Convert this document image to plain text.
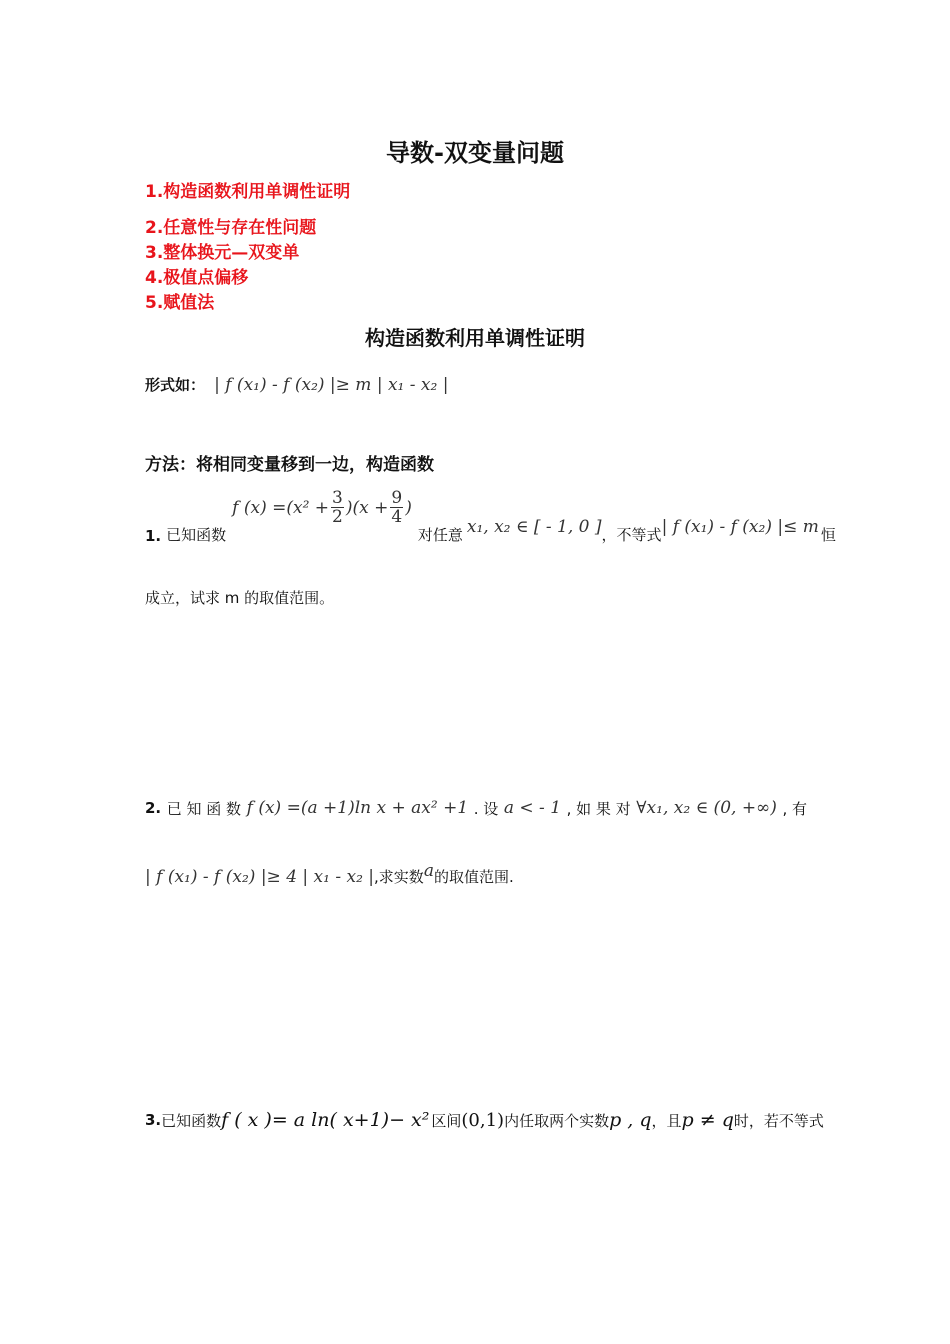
导数-双变量问题
1.构造函数利用单调性证明
2.任意性与存在性问题
3.整体换元—双变单
4.极值点偏移
5.赋值法
构造函数利用单调性证明
形式如： | f (x₁) - f (x₂) |≥ m | x₁ - x₂ |
方法：将相同变量移到一边，构造函数
1. 已知函数
f $(x) =(x^2 + \frac{3}{2} )(x + \frac{9}{4}$ )
对任意 x₁, x₂ ∈ [ - 1, 0 ] ， 不等式 | f (x₁) - f (x₂) |≤ m 恒
成立，试求 m 的取值范围。
2. 已 知 函 数 f (x) =(a +1)ln x + ax² +1 . 设 a < - 1 , 如 果 对 ∀x₁, x₂ ∈ (0, +∞) , 有
| f (x₁) - f (x₂) |≥ 4 | x₁ - x₂ | ,求实数 a 的取值范围.
3. 已知函数 f ( x )= a ln( x+1)− x² 区间 (0,1) 内任取两个实数 p , q ，且 p ≠ q 时，若不等式
